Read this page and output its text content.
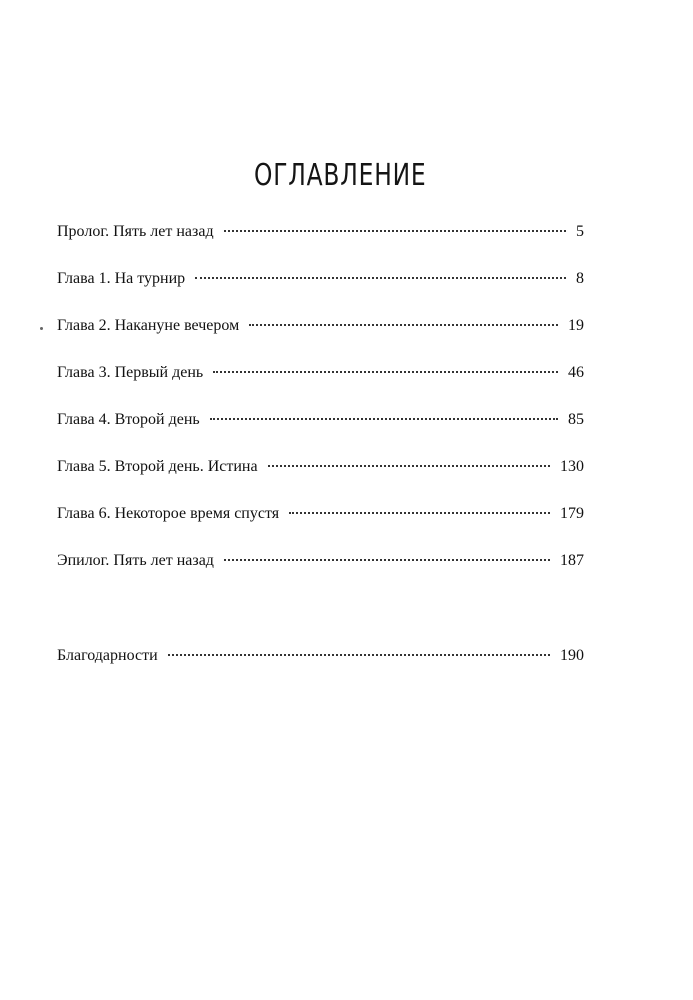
ОГЛАВЛЕНИЕ
Пролог. Пять лет назад	5
Глава 1. На турнир	8
Глава 2. Накануне вечером	19
Глава 3. Первый день	46
Глава 4. Второй день	85
Глава 5. Второй день. Истина	130
Глава 6. Некоторое время спустя	179
Эпилог. Пять лет назад	187
Благодарности	190
